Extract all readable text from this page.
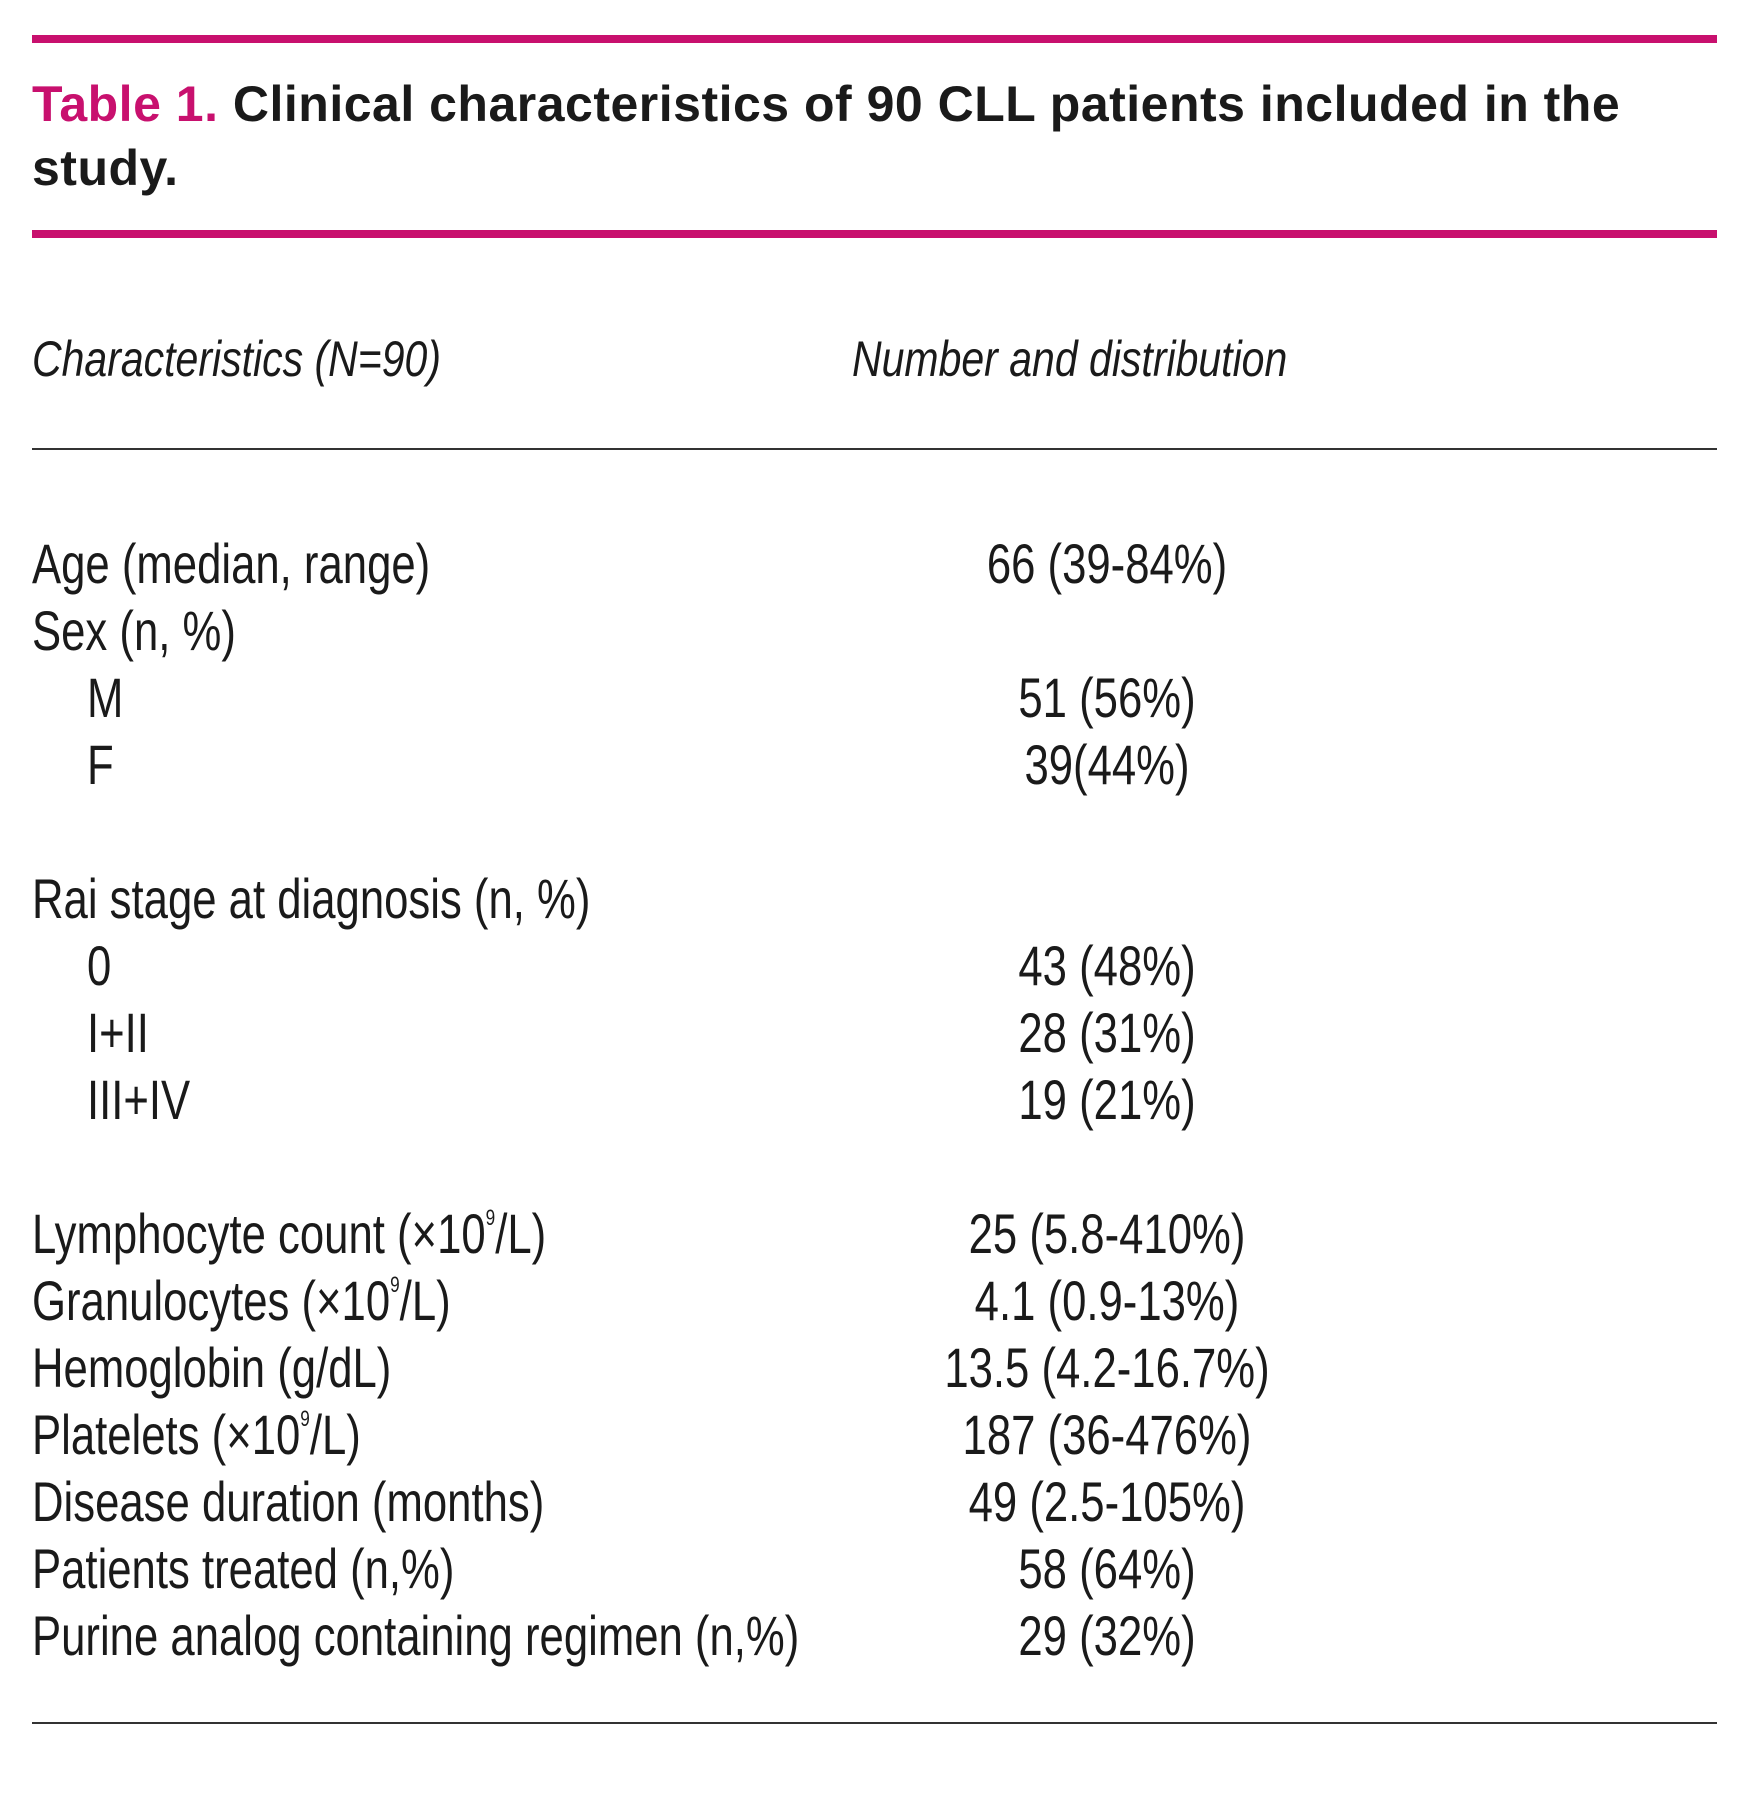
Table 1. Clinical characteristics of 90 CLL patients included in the study.
Characteristics (N=90)	Number and distribution
Age (median, range)	66 (39-84%)
Sex (n, %)
M	51 (56%)
F	39(44%)
Rai stage at diagnosis (n, %)
0	43 (48%)
I+II	28 (31%)
III+IV	19 (21%)
Lymphocyte count $(\times 10^9/L)$	25 (5.8-410%)
Granulocytes $(\times 10^9/L)$	4.1 (0.9-13%)
Hemoglobin (g/dL)	13.5 (4.2-16.7%)
Platelets $(\times 10^9/L)$	187 (36-476%)
Disease duration (months)	49 (2.5-105%)
Patients treated (n,%)	58 (64%)
Purine analog containing regimen (n,%)	29 (32%)
